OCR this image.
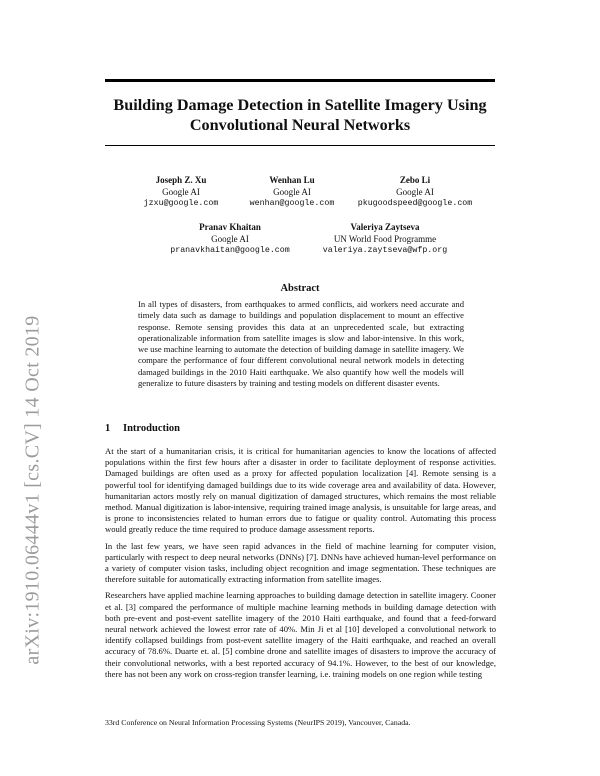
arXiv:1910.06444v1 [cs.CV] 14 Oct 2019
Building Damage Detection in Satellite Imagery Using Convolutional Neural Networks
Joseph Z. Xu
Google AI
jzxu@google.com
Wenhan Lu
Google AI
wenhan@google.com
Zebo Li
Google AI
pkugoodspeed@google.com
Pranav Khaitan
Google AI
pranavkhaitan@google.com
Valeriya Zaytseva
UN World Food Programme
valeriya.zaytseva@wfp.org
Abstract
In all types of disasters, from earthquakes to armed conflicts, aid workers need accurate and timely data such as damage to buildings and population displacement to mount an effective response. Remote sensing provides this data at an unprecedented scale, but extracting operationalizable information from satellite images is slow and labor-intensive. In this work, we use machine learning to automate the detection of building damage in satellite imagery. We compare the performance of four different convolutional neural network models in detecting damaged buildings in the 2010 Haiti earthquake. We also quantify how well the models will generalize to future disasters by training and testing models on different disaster events.
1 Introduction

At the start of a humanitarian crisis, it is critical for humanitarian agencies to know the locations of affected populations within the first few hours after a disaster in order to facilitate deployment of response activities. Damaged buildings are often used as a proxy for affected population localization [4]. Remote sensing is a powerful tool for identifying damaged buildings due to its wide coverage area and availability of data. However, humanitarian actors mostly rely on manual digitization of damaged structures, which remains the most reliable method. Manual digitization is labor-intensive, requiring trained image analysis, is unsuitable for large areas, and is prone to inconsistencies related to human errors due to fatigue or quality control. Automating this process would greatly reduce the time required to produce damage assessment reports.

In the last few years, we have seen rapid advances in the field of machine learning for computer vision, particularly with respect to deep neural networks (DNNs) [7]. DNNs have achieved human-level performance on a variety of computer vision tasks, including object recognition and image segmentation. These techniques are therefore suitable for automatically extracting information from satellite images.

Researchers have applied machine learning approaches to building damage detection in satellite imagery. Cooner et al. [3] compared the performance of multiple machine learning methods in building damage detection with both pre-event and post-event satellite imagery of the 2010 Haiti earthquake, and found that a feed-forward neural network achieved the lowest error rate of 40%. Min Ji et al [10] developed a convolutional network to identify collapsed buildings from post-event satellite imagery of the Haiti earthquake, and reached an overall accuracy of 78.6%. Duarte et. al. [5] combine drone and satellite images of disasters to improve the accuracy of their convolutional networks, with a best reported accuracy of 94.1%. However, to the best of our knowledge, there has not been any work on cross-region transfer learning, i.e. training models on one region while testing

33rd Conference on Neural Information Processing Systems (NeurIPS 2019), Vancouver, Canada.
